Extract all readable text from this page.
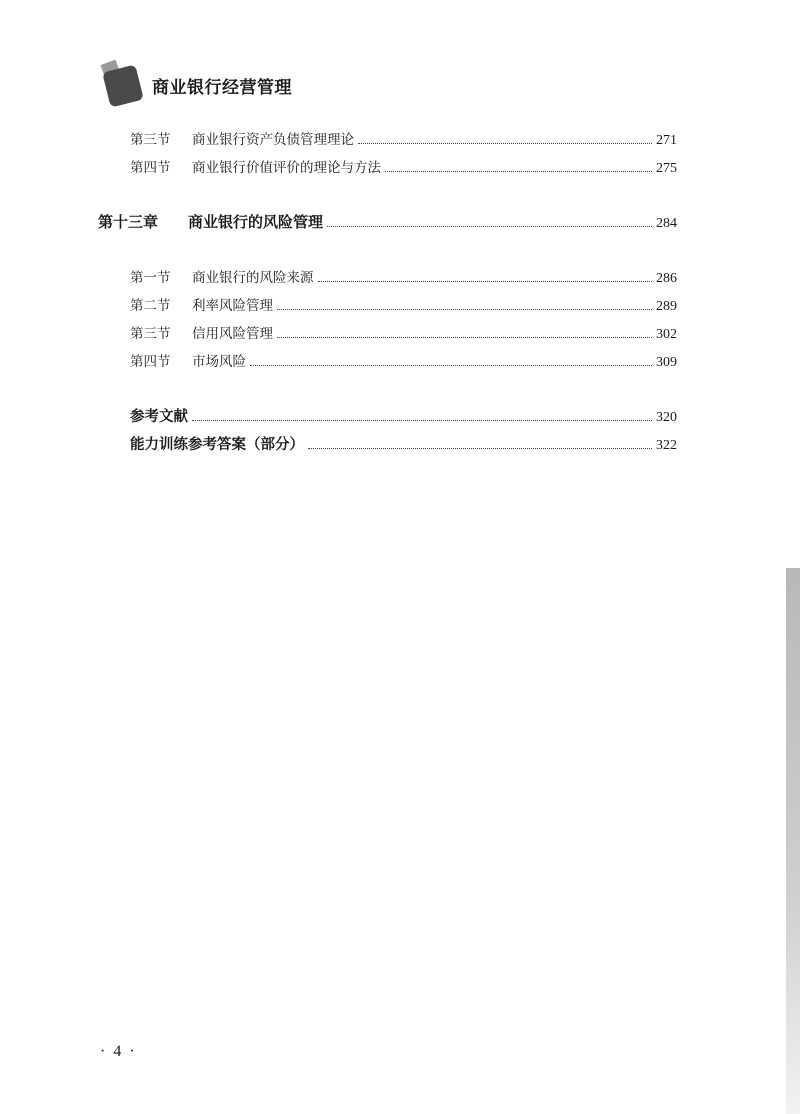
商业银行经营管理
第三节	商业银行资产负债管理理论	271
第四节	商业银行价值评价的理论与方法	275
第十三章	商业银行的风险管理	284
第一节	商业银行的风险来源	286
第二节	利率风险管理	289
第三节	信用风险管理	302
第四节	市场风险	309
参考文献	320
能力训练参考答案（部分）	322
· 4 ·
